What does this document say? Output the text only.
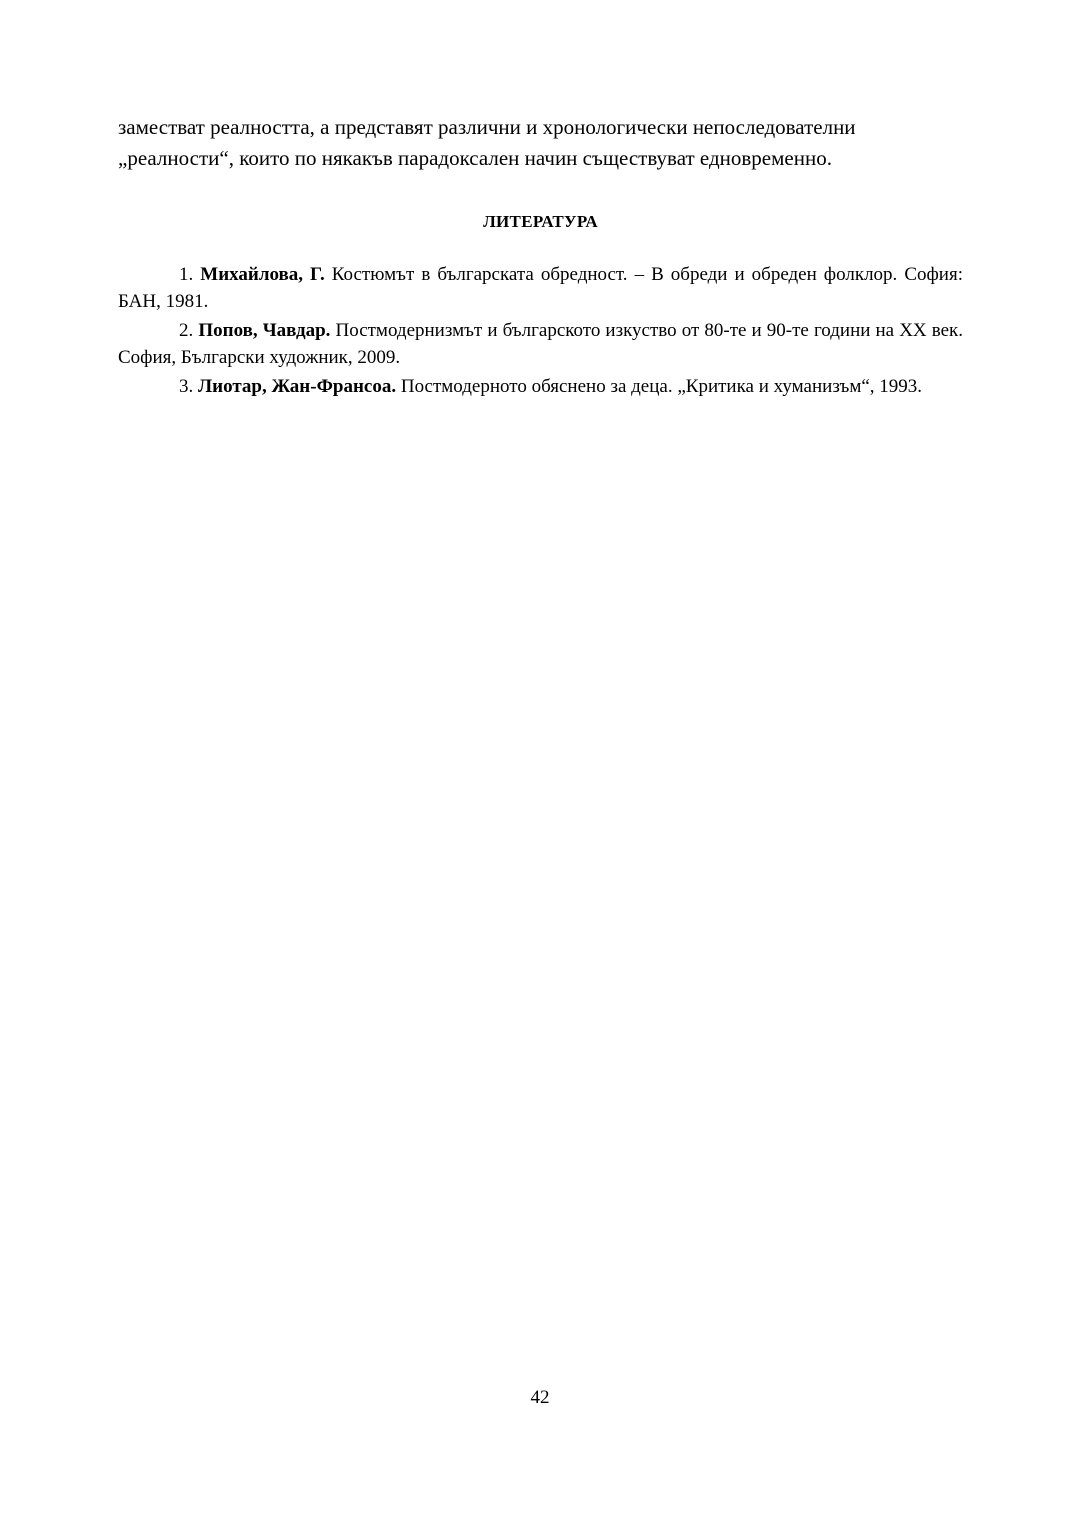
заместват реалността, а представят различни и хронологически непоследователни
„реалности“, които по някакъв парадоксален начин съществуват едновременно.

ЛИТЕРАТУРА
1. Михайлова, Г. Костюмът в българската обредност. – В обреди и обреден фолклор. София: БАН, 1981.
2. Попов, Чавдар. Постмодернизмът и българското изкуство от 80-те и 90-те години на ХХ век. София, Български художник, 2009.
3. Лиотар, Жан-Франсоа. Постмодерното обяснено за деца. „Критика и хуманизъм“, 1993.
42
